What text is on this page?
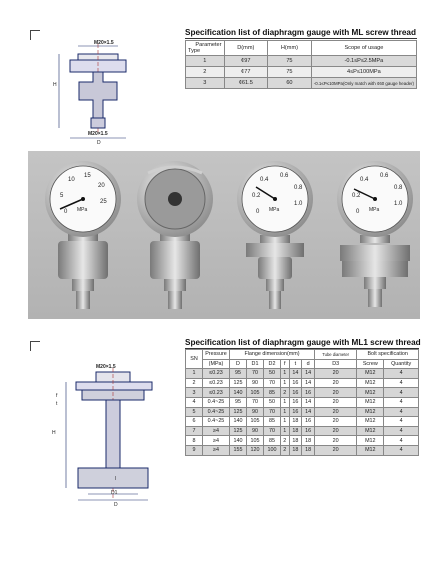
M20×1.5
M20×1.5
H
D
Specification list of diaphragm gauge with ML screw thread
Parameter
Type	D(mm)	H(mm)	Scope of usage
1	¢97	75	-0.1≤P≤2.5MPa
2	¢77	75	4≤P≤100MPa
3	¢61.5	60	-0.1≤P≤10MPa(Only match with ¢60 gauge header)
0
5
10
15
20
25
MPa	0
0.2
0.4
0.6
0.8
1.0
MPa	0
0.2
0.4
0.6
0.8
1.0
MPa
M20×1.5
H
f
t
l
D1
D
Specification list of diaphragm gauge with ML1 screw thread
SN	Pressure	Flange dimension(mm)						Tube diameter	Bolt specification	
	(MPa)	D	D1	D2	f	t	d	D3	Screw	Quantity
1	≤0.23	95	70	50	1	14	14	20	M12	4
2	≤0.23	125	90	70	1	16	14	20	M12	4
3	≤0.23	140	105	85	2	16	16	20	M12	4
4	0.4~25	95	70	50	1	16	14	20	M12	4
5	0.4~25	125	90	70	1	16	14	20	M12	4
6	0.4~25	140	105	85	1	18	16	20	M12	4
7	≥4	125	90	70	1	18	16	20	M12	4
8	≥4	140	105	85	2	18	18	20	M12	4
9	≥4	155	120	100	2	18	18	20	M12	4
